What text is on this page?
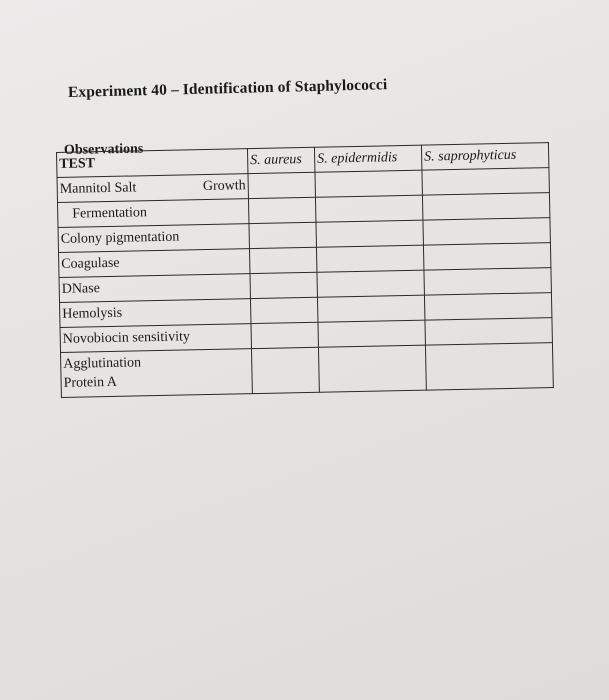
Experiment 40 – Identification of Staphylococci
Observations
TEST	S. aureus	S. epidermidis	S. saprophyticus

Mannitol Salt Growth			

Fermentation			
Colony pigmentation			
Coagulase			
DNase			
Hemolysis			
Novobiocin sensitivity			

Agglutination
Protein A			
